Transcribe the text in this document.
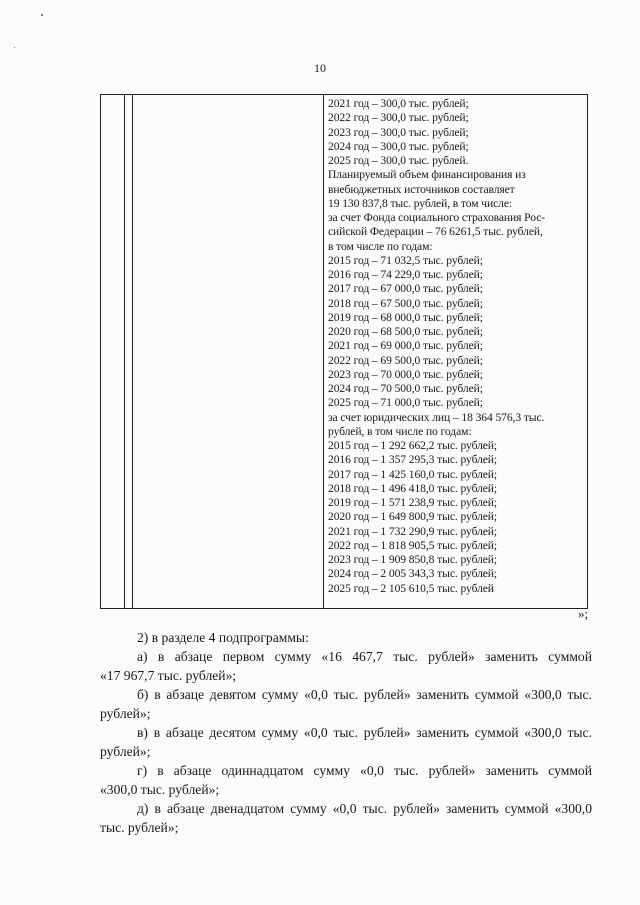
10
2021 год – 300,0 тыс. рублей;
2022 год – 300,0 тыс. рублей;
2023 год – 300,0 тыс. рублей;
2024 год – 300,0 тыс. рублей;
2025 год – 300,0 тыс. рублей.
Планируемый объем финансирования из
внебюджетных источников составляет
19 130 837,8 тыс. рублей, в том числе:
за счет Фонда социального страхования Рос-
сийской Федерации – 76 6261,5 тыс. рублей,
в том числе по годам:
2015 год – 71 032,5 тыс. рублей;
2016 год – 74 229,0 тыс. рублей;
2017 год – 67 000,0 тыс. рублей;
2018 год – 67 500,0 тыс. рублей;
2019 год – 68 000,0 тыс. рублей;
2020 год – 68 500,0 тыс. рублей;
2021 год – 69 000,0 тыс. рублей;
2022 год – 69 500,0 тыс. рублей;
2023 год – 70 000,0 тыс. рублей;
2024 год – 70 500,0 тыс. рублей;
2025 год – 71 000,0 тыс. рублей;
за счет юридических лиц – 18 364 576,3 тыс.
рублей, в том числе по годам:
2015 год – 1 292 662,2 тыс. рублей;
2016 год – 1 357 295,3 тыс. рублей;
2017 год – 1 425 160,0 тыс. рублей;
2018 год – 1 496 418,0 тыс. рублей;
2019 год – 1 571 238,9 тыс. рублей;
2020 год – 1 649 800,9 тыс. рублей;
2021 год – 1 732 290,9 тыс. рублей;
2022 год – 1 818 905,5 тыс. рублей;
2023 год – 1 909 850,8 тыс. рублей;
2024 год – 2 005 343,3 тыс. рублей;
2025 год – 2 105 610,5 тыс. рублей
»;
2) в разделе 4 подпрограммы:
а) в абзаце первом сумму «16 467,7 тыс. рублей» заменить суммой
«17 967,7 тыс. рублей»;
б) в абзаце девятом сумму «0,0 тыс. рублей» заменить суммой «300,0 тыс.
рублей»;
в) в абзаце десятом сумму «0,0 тыс. рублей» заменить суммой «300,0 тыс.
рублей»;
г) в абзаце одиннадцатом сумму «0,0 тыс. рублей» заменить суммой
«300,0 тыс. рублей»;
д) в абзаце двенадцатом сумму «0,0 тыс. рублей» заменить суммой «300,0
тыс. рублей»;
